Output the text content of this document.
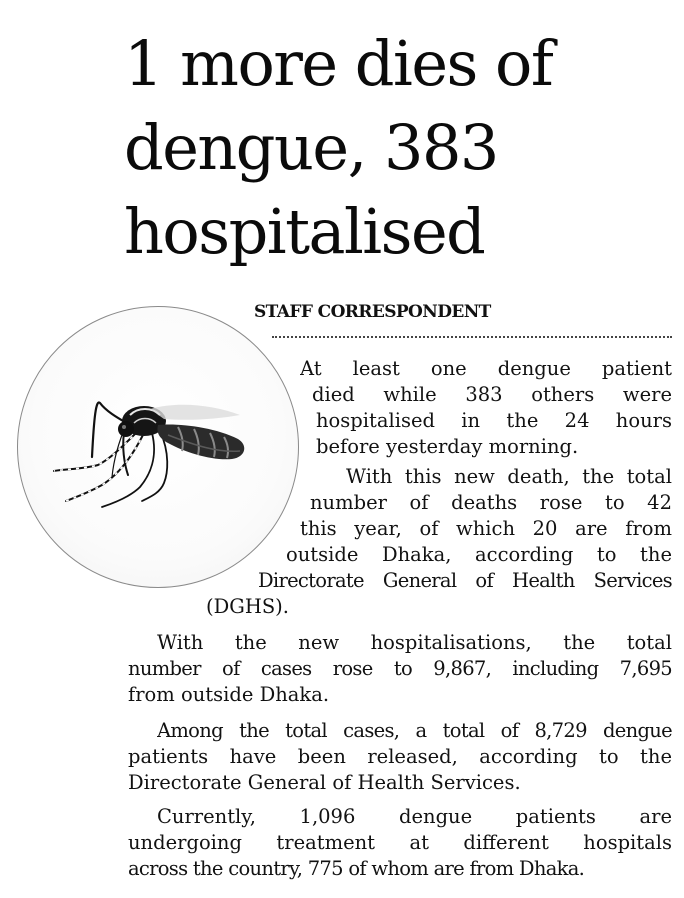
1 more dies of
dengue, 383
hospitalised
STAFF CORRESPONDENT
At least one dengue patient
died while 383 others were
hospitalised in the 24 hours
before yesterday morning.
With this new death, the total
number of deaths rose to 42
this year, of which 20 are from
outside Dhaka, according to the
Directorate General of Health Services
(DGHS).
With the new hospitalisations, the total
number of cases rose to 9,867, including 7,695
from outside Dhaka.
Among the total cases, a total of 8,729 dengue
patients have been released, according to the
Directorate General of Health Services.
Currently, 1,096 dengue patients are
undergoing treatment at different hospitals
across the country, 775 of whom are from Dhaka.
